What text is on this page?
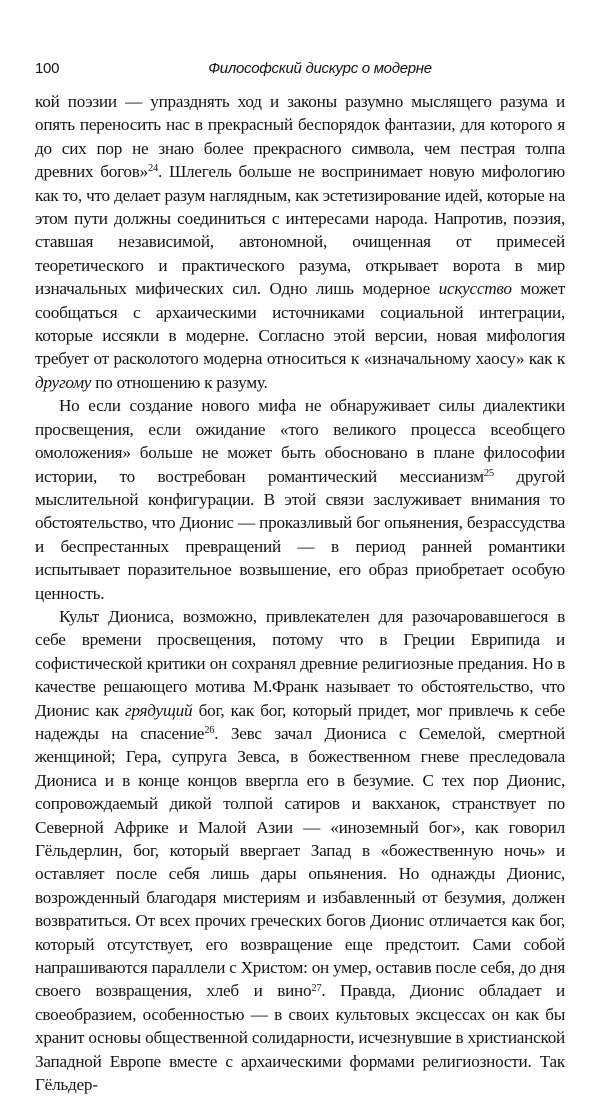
100	Философский дискурс о модерне

кой поэзии — упразднять ход и законы разумно мыслящего разума и опять переносить нас в прекрасный беспорядок фантазии, для которого я до сих пор не знаю более прекрасного символа, чем пестрая толпа древних богов»$^{24}$. Шлегель больше не воспринимает новую мифологию как то, что делает разум наглядным, как эстетизирование идей, которые на этом пути должны соединиться с интересами народа. Напротив, поэзия, ставшая независимой, автономной, очищенная от примесей теоретического и практического разума, открывает ворота в мир изначальных мифических сил. Одно лишь модерное искусство может сообщаться с архаическими источниками социальной интеграции, которые иссякли в модерне. Согласно этой версии, новая мифология требует от расколотого модерна относиться к «изначальному хаосу» как к другому по отношению к разуму.

Но если создание нового мифа не обнаруживает силы диалектики просвещения, если ожидание «того великого процесса всеобщего омоложения» больше не может быть обосновано в плане философии истории, то востребован романтический мессианизм$^{25}$ другой мыслительной конфигурации. В этой связи заслуживает внимания то обстоятельство, что Дионис — проказливый бог опьянения, безрассудства и беспрестанных превращений — в период ранней романтики испытывает поразительное возвышение, его образ приобретает особую ценность.

Культ Диониса, возможно, привлекателен для разочаровавшегося в себе времени просвещения, потому что в Греции Еврипида и софистической критики он сохранял древние религиозные предания. Но в качестве решающего мотива М.Франк называет то обстоятельство, что Дионис как грядущий бог, как бог, который придет, мог привлечь к себе надежды на спасение$^{26}$. Зевс зачал Диониса с Семелой, смертной женщиной; Гера, супруга Зевса, в божественном гневе преследовала Диониса и в конце концов ввергла его в безумие. С тех пор Дионис, сопровождаемый дикой толпой сатиров и вакханок, странствует по Северной Африке и Малой Азии — «иноземный бог», как говорил Гёльдерлин, бог, который ввергает Запад в «божественную ночь» и оставляет после себя лишь дары опьянения. Но однажды Дионис, возрожденный благодаря мистериям и избавленный от безумия, должен возвратиться. От всех прочих греческих богов Дионис отличается как бог, который отсутствует, его возвращение еще предстоит. Сами собой напрашиваются параллели с Христом: он умер, оставив после себя, до дня своего возвращения, хлеб и вино$^{27}$. Правда, Дионис обладает и своеобразием, особенностью — в своих культовых эксцессах он как бы хранит основы общественной солидарности, исчезнувшие в христианской Западной Европе вместе с архаическими формами религиозности. Так Гёльдер-
